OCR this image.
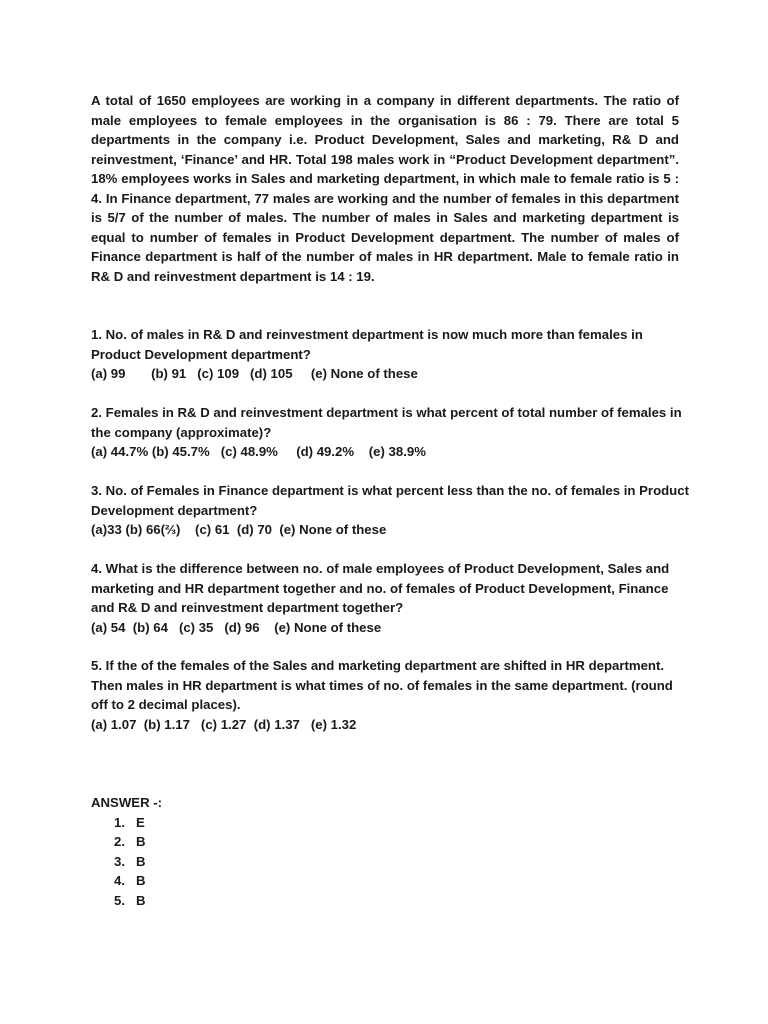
A total of 1650 employees are working in a company in different departments. The ratio of male employees to female employees in the organisation is 86 : 79. There are total 5 departments in the company i.e. Product Development, Sales and marketing, R& D and reinvestment, ‘Finance’ and HR. Total 198 males work in “Product Development department”. 18% employees works in Sales and marketing department, in which male to female ratio is 5 : 4. In Finance department, 77 males are working and the number of females in this department is 5/7 of the number of males. The number of males in Sales and marketing department is equal to number of females in Product Development department. The number of males of Finance department is half of the number of males in HR department. Male to female ratio in R& D and reinvestment department is 14 : 19.
1. No. of males in R& D and reinvestment department is now much more than females in Product Development department?
(a) 99       (b) 91   (c) 109   (d) 105     (e) None of these
2. Females in R& D and reinvestment department is what percent of total number of females in the company (approximate)?
(a) 44.7% (b) 45.7%   (c) 48.9%     (d) 49.2%    (e) 38.9%
3. No. of Females in Finance department is what percent less than the no. of females in Product Development department?
(a)33 (b) 66(⅔)    (c) 61  (d) 70  (e) None of these
4. What is the difference between no. of male employees of Product Development, Sales and marketing and HR department together and no. of females of Product Development, Finance and R& D and reinvestment department together?
(a) 54  (b) 64   (c) 35   (d) 96    (e) None of these
5. If the of the females of the Sales and marketing department are shifted in HR department. Then males in HR department is what times of no. of females in the same department. (round off to 2 decimal places).
(a) 1.07  (b) 1.17   (c) 1.27  (d) 1.37   (e) 1.32
ANSWER -:
1. E
2. B
3. B
4. B
5. B
